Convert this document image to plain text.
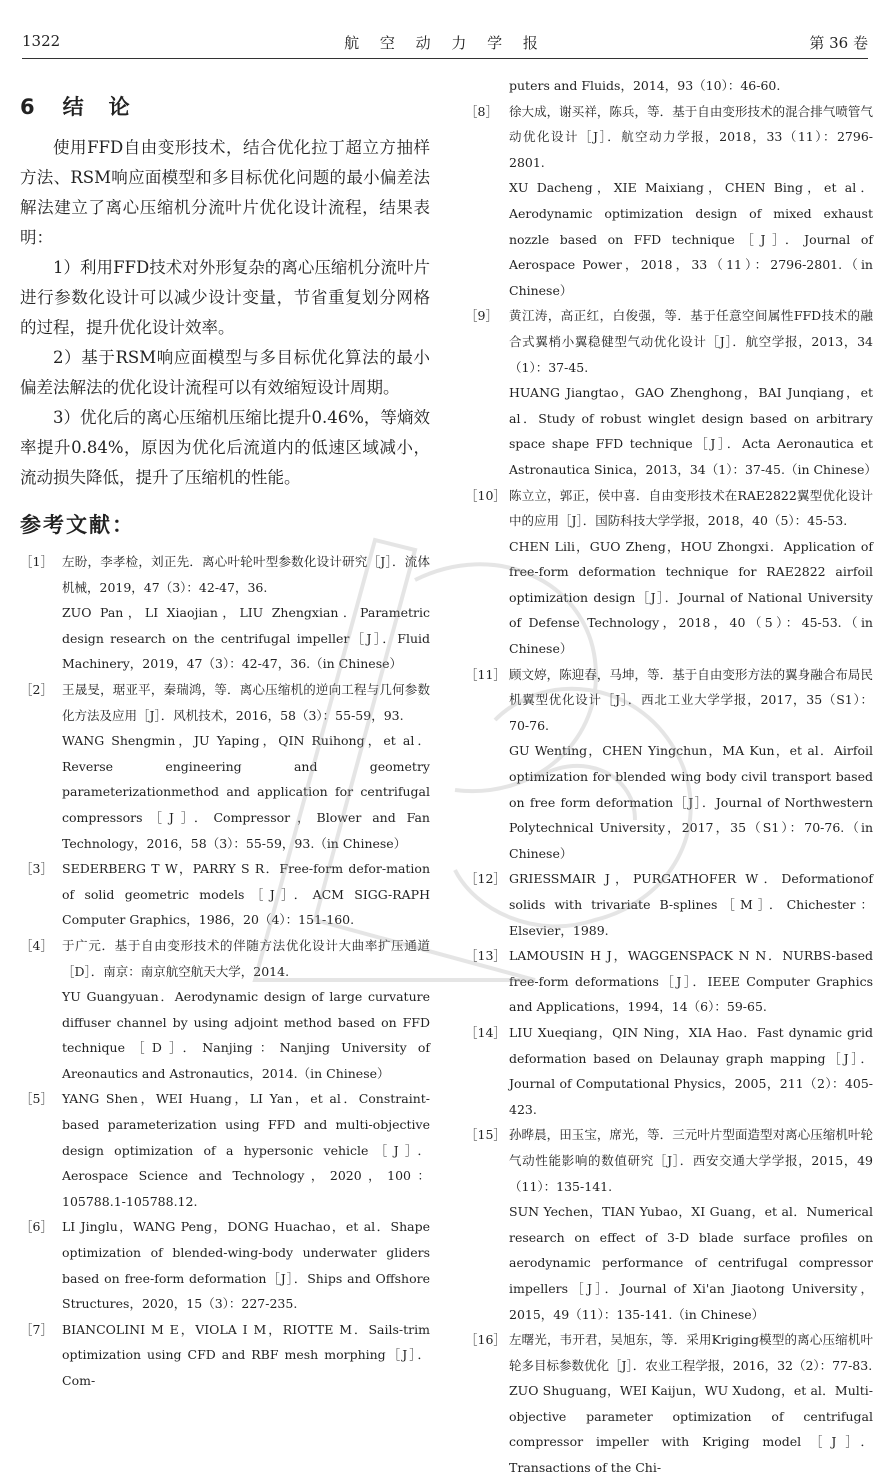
1322	航 空 动 力 学 报	第 36 卷
6 结　论

使用FFD自由变形技术，结合优化拉丁超立方抽样方法、RSM响应面模型和多目标优化问题的最小偏差法解法建立了离心压缩机分流叶片优化设计流程，结果表明：

1）利用FFD技术对外形复杂的离心压缩机分流叶片进行参数化设计可以减少设计变量，节省重复划分网格的过程，提升优化设计效率。

2）基于RSM响应面模型与多目标优化算法的最小偏差法解法的优化设计流程可以有效缩短设计周期。

3）优化后的离心压缩机压缩比提升0.46%，等熵效率提升0.84%，原因为优化后流道内的低速区域减小，流动损失降低，提升了压缩机的性能。

参考文献：
［1］ 左盼，李孝检，刘正先．离心叶轮叶型参数化设计研究［J］．流体机械，2019，47（3）：42-47，36.
ZUO Pan，LI Xiaojian，LIU Zhengxian．Parametric design research on the centrifugal impeller［J］．Fluid Machinery，2019，47（3）：42-47，36.（in Chinese）
［2］ 王晟旻，琚亚平，秦瑞鸿，等．离心压缩机的逆向工程与几何参数化方法及应用［J］．风机技术，2016，58（3）：55-59，93.
WANG Shengmin，JU Yaping，QIN Ruihong，et al．Reverse engineering and geometry parameterizationmethod and application for centrifugal compressors［J］．Compressor，Blower and Fan Technology，2016，58（3）：55-59，93.（in Chinese）
［3］ SEDERBERG T W，PARRY S R．Free-form defor-mation of solid geometric models［J］．ACM SIGG-RAPH Computer Graphics，1986，20（4）：151-160.
［4］ 于广元．基于自由变形技术的伴随方法优化设计大曲率扩压通道［D］．南京：南京航空航天大学，2014.
YU Guangyuan．Aerodynamic design of large curvature diffuser channel by using adjoint method based on FFD technique［D］．Nanjing：Nanjing University of Areonautics and Astronautics，2014.（in Chinese）
［5］ YANG Shen，WEI Huang，LI Yan，et al．Constraint-based parameterization using FFD and multi-objective design optimization of a hypersonic vehicle［J］．Aerospace Science and Technology，2020，100：105788.1-105788.12.
［6］ LI Jinglu，WANG Peng，DONG Huachao，et al．Shape optimization of blended-wing-body underwater gliders based on free-form deformation［J］．Ships and Offshore Structures，2020，15（3）：227-235.
［7］ BIANCOLINI M E，VIOLA I M，RIOTTE M．Sails-trim optimization using CFD and RBF mesh morphing［J］．Com-
puters and Fluids，2014，93（10）：46-60.
［8］ 徐大成，谢买祥，陈兵，等．基于自由变形技术的混合排气喷管气动优化设计［J］．航空动力学报，2018，33（11）：2796-2801.
XU Dacheng，XIE Maixiang，CHEN Bing，et al．Aerodynamic optimization design of mixed exhaust nozzle based on FFD technique［J］．Journal of Aerospace Power，2018，33（11）：2796-2801.（in Chinese）
［9］ 黄江涛，高正红，白俊强，等．基于任意空间属性FFD技术的融合式翼梢小翼稳健型气动优化设计［J］．航空学报，2013，34（1）：37-45.
HUANG Jiangtao，GAO Zhenghong，BAI Junqiang，et al．Study of robust winglet design based on arbitrary space shape FFD technique［J］．Acta Aeronautica et Astronautica Sinica，2013，34（1）：37-45.（in Chinese）
［10］ 陈立立，郭正，侯中喜．自由变形技术在RAE2822翼型优化设计中的应用［J］．国防科技大学学报，2018，40（5）：45-53.
CHEN Lili，GUO Zheng，HOU Zhongxi．Application of free-form deformation technique for RAE2822 airfoil optimization design［J］．Journal of National University of Defense Technology，2018，40（5）：45-53.（in Chinese）
［11］ 顾文婷，陈迎春，马坤，等．基于自由变形方法的翼身融合布局民机翼型优化设计［J］．西北工业大学学报，2017，35（S1）：70-76.
GU Wenting，CHEN Yingchun，MA Kun，et al．Airfoil optimization for blended wing body civil transport based on free form deformation［J］．Journal of Northwestern Polytechnical University，2017，35（S1）：70-76.（in Chinese）
［12］ GRIESSMAIR J，PURGATHOFER W．Deformationof solids with trivariate B-splines［M］．Chichester：Elsevier，1989.
［13］ LAMOUSIN H J，WAGGENSPACK N N．NURBS-based free-form deformations［J］．IEEE Computer Graphics and Applications，1994，14（6）：59-65.
［14］ LIU Xueqiang，QIN Ning，XIA Hao．Fast dynamic grid deformation based on Delaunay graph mapping［J］．Journal of Computational Physics，2005，211（2）：405-423.
［15］ 孙晔晨，田玉宝，席光，等．三元叶片型面造型对离心压缩机叶轮气动性能影响的数值研究［J］．西安交通大学学报，2015，49（11）：135-141.
SUN Yechen，TIAN Yubao，XI Guang，et al．Numerical research on effect of 3-D blade surface profiles on aerodynamic performance of centrifugal compressor impellers［J］．Journal of Xi'an Jiaotong University，2015，49（11）：135-141.（in Chinese）
［16］ 左曙光，韦开君，吴旭东，等．采用Kriging模型的离心压缩机叶轮多目标参数优化［J］．农业工程学报，2016，32（2）：77-83.
ZUO Shuguang，WEI Kaijun，WU Xudong，et al．Multi-objective parameter optimization of centrifugal compressor impeller with Kriging model［J］．Transactions of the Chi-
